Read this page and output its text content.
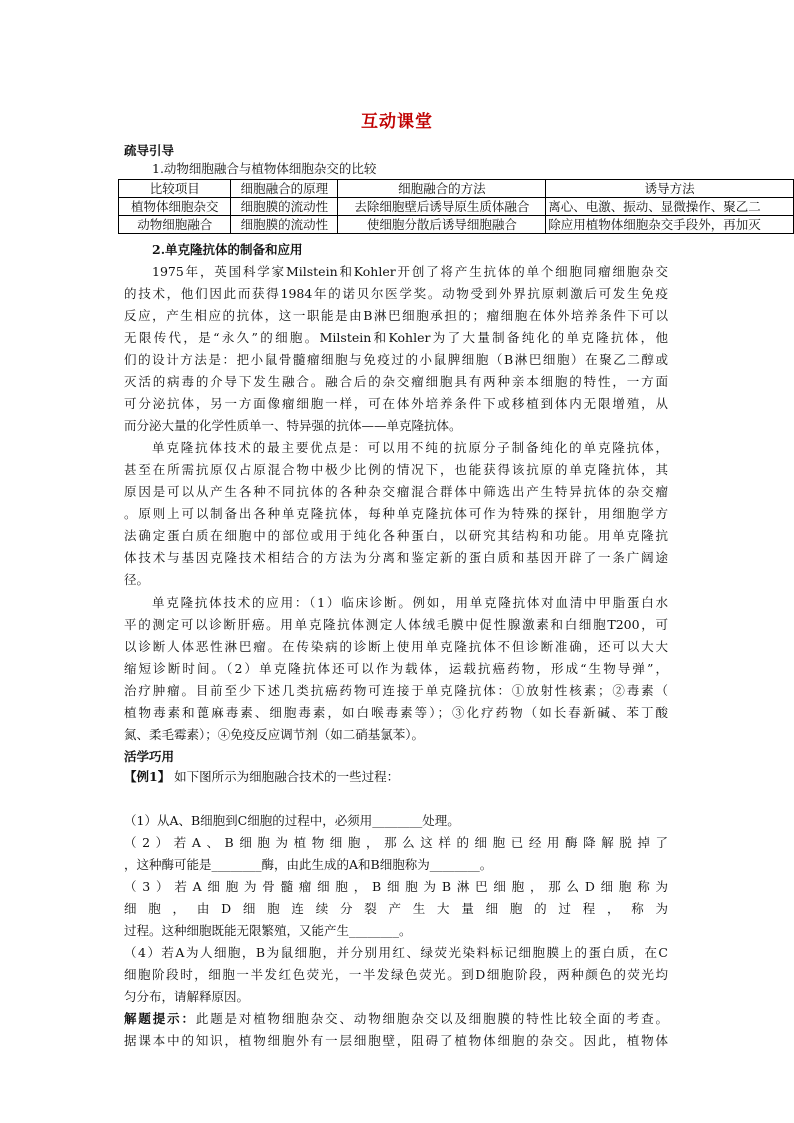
互动课堂
疏导引导
1.动物细胞融合与植物体细胞杂交的比较
比较项目	细胞融合的原理	细胞融合的方法	诱导方法
植物体细胞杂交	细胞膜的流动性	去除细胞壁后诱导原生质体融合	离心、电激、振动、显微操作、聚乙二
动物细胞融合	细胞膜的流动性	使细胞分散后诱导细胞融合	除应用植物体细胞杂交手段外，再加灭
2.单克隆抗体的制备和应用
1975年，英国科学家Milstein和Kohler开创了将产生抗体的单个细胞同瘤细胞杂交
的技术，他们因此而获得1984年的诺贝尔医学奖。动物受到外界抗原刺激后可发生免疫
反应，产生相应的抗体，这一职能是由B淋巴细胞承担的；瘤细胞在体外培养条件下可以
无限传代，是“永久”的细胞。Milstein和Kohler为了大量制备纯化的单克隆抗体，他
们的设计方法是：把小鼠骨髓瘤细胞与免疫过的小鼠脾细胞（B淋巴细胞）在聚乙二醇或
灭活的病毒的介导下发生融合。融合后的杂交瘤细胞具有两种亲本细胞的特性，一方面
可分泌抗体，另一方面像瘤细胞一样，可在体外培养条件下或移植到体内无限增殖，从
而分泌大量的化学性质单一、特异强的抗体——单克隆抗体。
单克隆抗体技术的最主要优点是：可以用不纯的抗原分子制备纯化的单克隆抗体，
甚至在所需抗原仅占原混合物中极少比例的情况下，也能获得该抗原的单克隆抗体，其
原因是可以从产生各种不同抗体的各种杂交瘤混合群体中筛选出产生特异抗体的杂交瘤
。原则上可以制备出各种单克隆抗体，每种单克隆抗体可作为特殊的探针，用细胞学方
法确定蛋白质在细胞中的部位或用于纯化各种蛋白，以研究其结构和功能。用单克隆抗
体技术与基因克隆技术相结合的方法为分离和鉴定新的蛋白质和基因开辟了一条广阔途
径。
单克隆抗体技术的应用：（1）临床诊断。例如，用单克隆抗体对血清中甲脂蛋白水
平的测定可以诊断肝癌。用单克隆抗体测定人体绒毛膜中促性腺激素和白细胞T200，可
以诊断人体恶性淋巴瘤。在传染病的诊断上使用单克隆抗体不但诊断准确，还可以大大
缩短诊断时间。（2）单克隆抗体还可以作为载体，运载抗癌药物，形成“生物导弹”，
治疗肿瘤。目前至少下述几类抗癌药物可连接于单克隆抗体：①放射性核素；②毒素（
植物毒素和蓖麻毒素、细胞毒素，如白喉毒素等）；③化疗药物（如长春新碱、苯丁酸
氮、柔毛霉素）；④免疫反应调节剂（如二硝基氯苯）。
活学巧用
【例1】 如下图所示为细胞融合技术的一些过程：
（1）从A、B细胞到C细胞的过程中，必须用________处理。
（2）若A、B细胞为植物细胞，那么这样的细胞已经用酶降解脱掉了
，这种酶可能是________酶，由此生成的A和B细胞称为________。
（3）若A细胞为骨髓瘤细胞，B细胞为B淋巴细胞，那么D细胞称为
细胞，由D细胞连续分裂产生大量细胞的过程，称为
过程。这种细胞既能无限繁殖，又能产生________。
（4）若A为人细胞，B为鼠细胞，并分别用红、绿荧光染料标记细胞膜上的蛋白质，在C
细胞阶段时，细胞一半发红色荧光，一半发绿色荧光。到D细胞阶段，两种颜色的荧光均
匀分布，请解释原因。
解题提示：此题是对植物细胞杂交、动物细胞杂交以及细胞膜的特性比较全面的考查。
据课本中的知识，植物细胞外有一层细胞壁，阻碍了植物体细胞的杂交。因此，植物体
